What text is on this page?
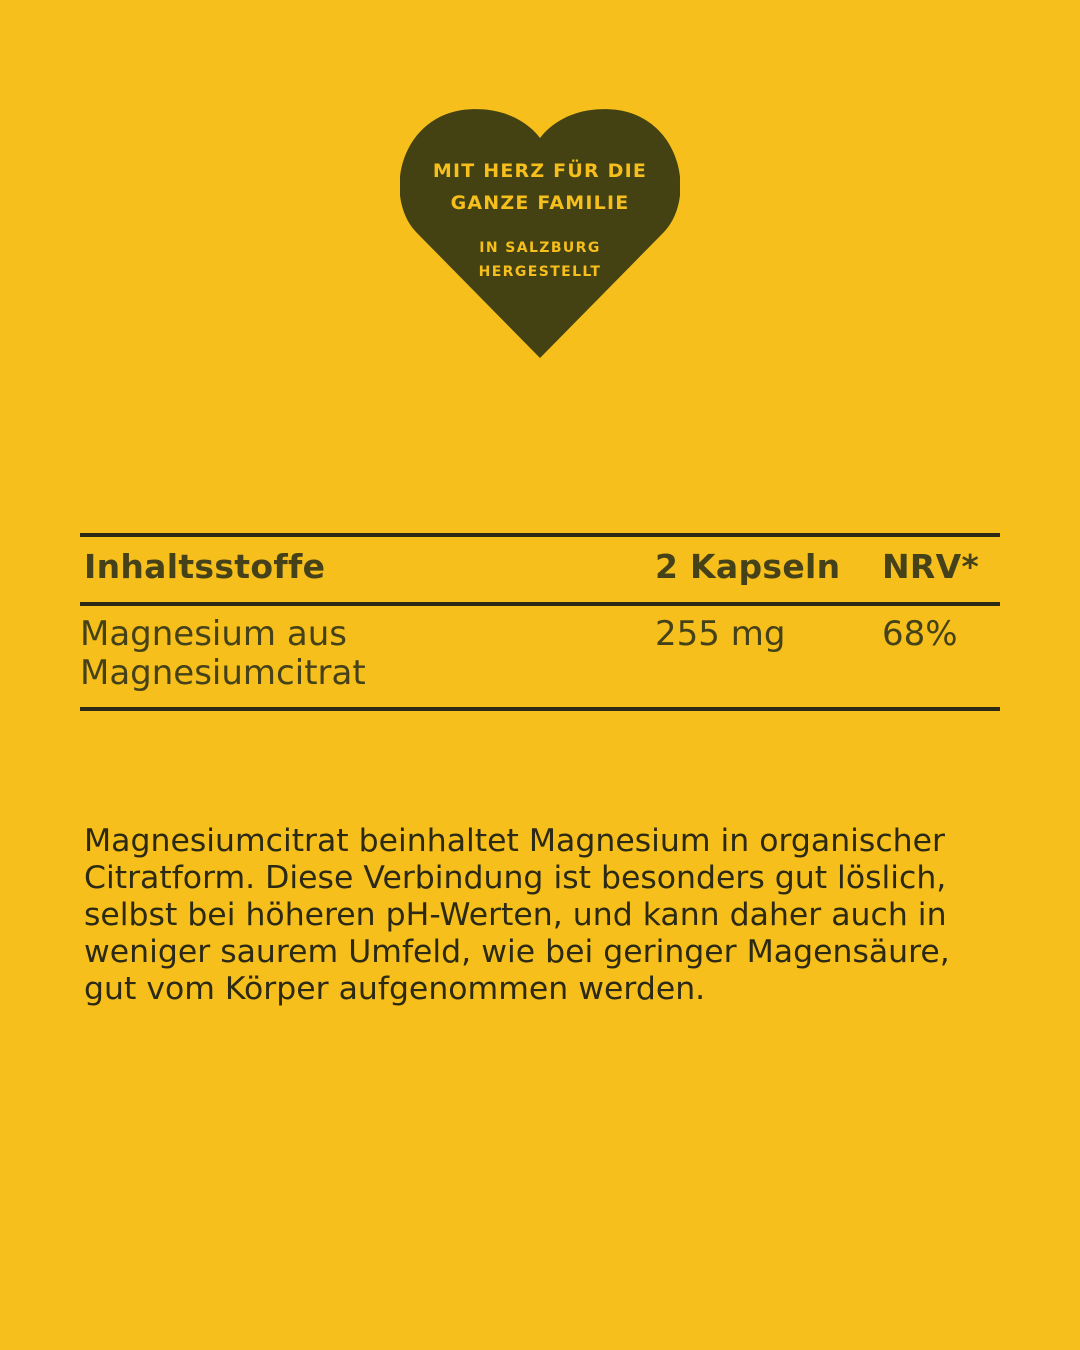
MIT HERZ FÜR DIE
GANZE FAMILIE
IN SALZBURG
HERGESTELLT
Inhaltsstoffe	2 Kapseln NRV*
Magnesium aus
Magnesiumcitrat
255 mg	68%
Magnesiumcitrat beinhaltet Magnesium in organischer
Citratform. Diese Verbindung ist besonders gut löslich,
selbst bei höheren pH-Werten, und kann daher auch in
weniger saurem Umfeld, wie bei geringer Magensäure,
gut vom Körper aufgenommen werden.
